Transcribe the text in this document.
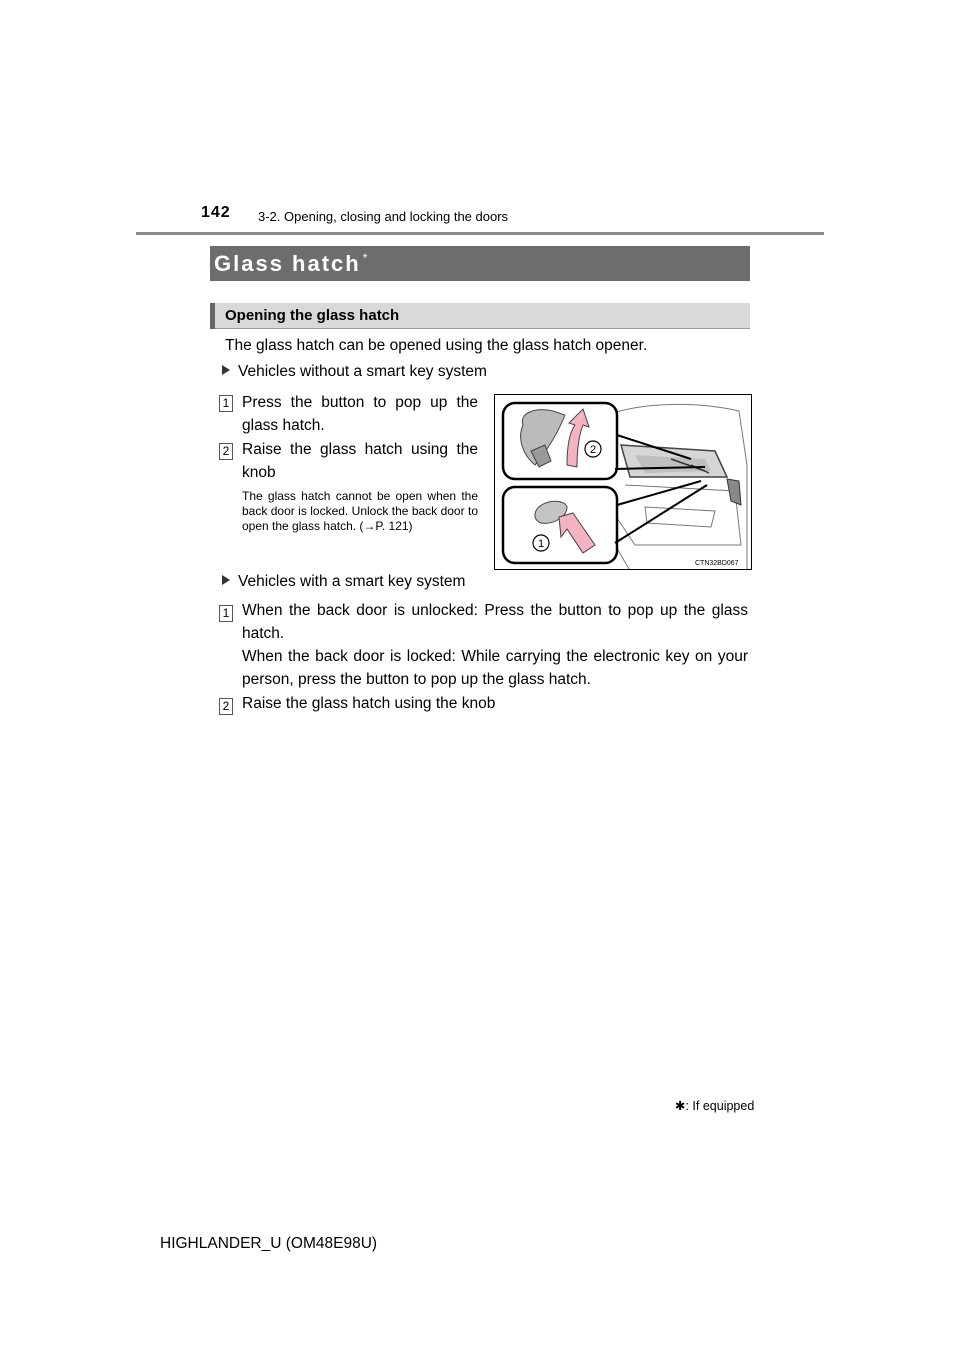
142 3-2. Opening, closing and locking the doors
Glass hatch *
Opening the glass hatch
The glass hatch can be opened using the glass hatch opener.
Vehicles without a smart key system
1 Press the button to pop up the glass hatch.
2 Raise the glass hatch using the knob
The glass hatch cannot be open when the back door is locked. Unlock the back door to open the glass hatch. (→P. 121)
2
1
CTN32BD067
Vehicles with a smart key system
1 When the back door is unlocked: Press the button to pop up the glass hatch.
When the back door is locked: While carrying the electronic key on your person, press the button to pop up the glass hatch.
2 Raise the glass hatch using the knob
✱: If equipped
HIGHLANDER_U (OM48E98U)
